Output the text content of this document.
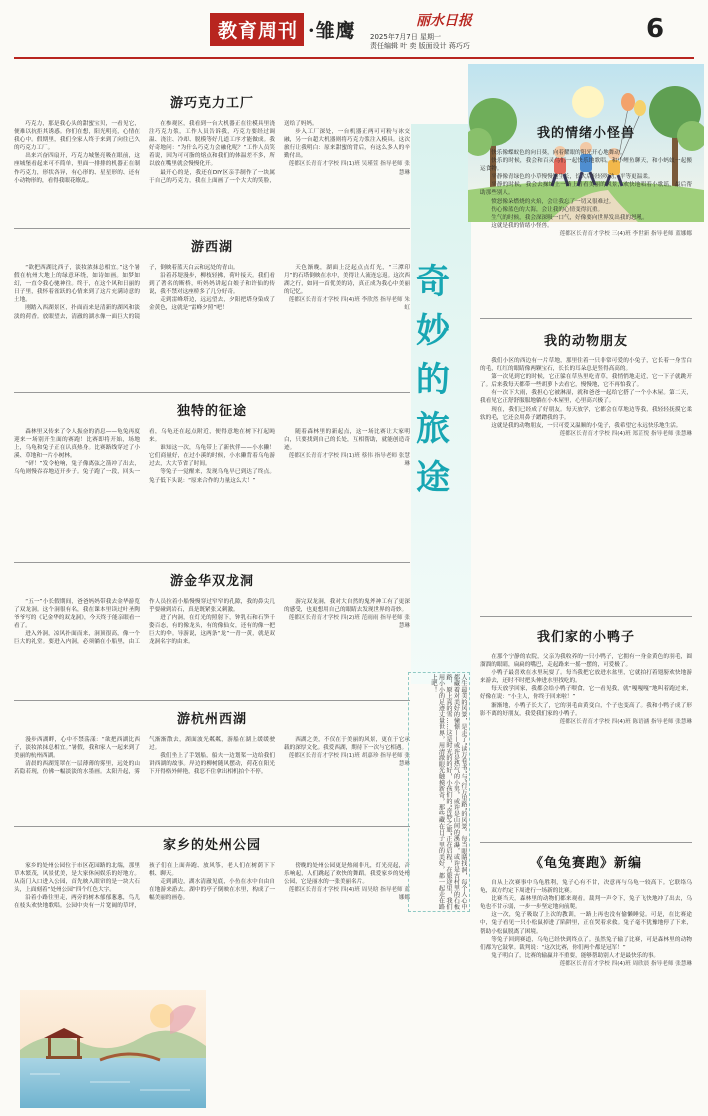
教育周刊 ·雏鹰	丽水日报
2025年7月7日 星期一
责任编辑 叶 奕 版面设计 蒋巧巧
6
游巧克力工厂

巧克力，那是我心头的甜蜜宝贝，一看见它，便难以抗拒其诱惑。你们在想，阳光明亮，心情在我心中。假期里，我们全家人终于来到了向往已久的巧克力工厂。

出来兴奋四扇开，巧克力城堡亮吸在眼前，这座城堡看起来可不简单，里面一排排的机器正在制作巧克力，形状各异，有心形的、星星形的、还有小动物形的，看得我眼花缭乱。

在参观区，我看到一台大机器正在往模具里浇注巧克力浆，工作人员告诉我，巧克力要经过调温、浇注、冷却、脱模等好几道工序才能做成。我好奇地问：“为什么巧克力会融化呢？”工作人员笑着说，因为可可脂的熔点和我们的体温差不多，所以放在嘴里就会慢慢化开。

最开心的是，我还在DIY区亲手制作了一块属于自己的巧克力，我在上面画了一个大大的笑脸，送给了妈妈。

步入工厂深处，一台机器正两可可粉与冰交融，另一台超大机器则将巧克力浆注入模具。这次旅行让我明白：原来甜蜜的背后，有这么多人的辛勤付出。

莲都区长青育才学校 四(1)班 吴瑾萱 指导老师 张慧琳
游西湖

“欲把西湖比西子，淡妆浓抹总相宜。”这个暑假在杭州大地上的绿意环绕，如诗如画。如梦如幻，一直令我心驰神往。终于，在这个风和日丽的日子里，我怀着雀跃的心情来到了这片充满诗意的土地。

刚踏入西湖景区，扑面而来是清新的湖风和淡淡的荷香。放眼望去，清澈的湖水像一面巨大的镜子，倒映着蓝天白云和远处的青山。

沿着苏堤漫步，柳枝轻拂，荷叶接天。我们看到了著名的断桥，听妈妈讲起白娘子和许仙的传说，我不禁对这座桥多了几分好奇。

走到雷峰塔边，远远望去，夕阳把塔身染成了金黄色，这就是“雷峰夕照”吧！

天色渐晚，湖面上泛起点点灯光，“三潭印月”的石塔倒映在水中，美得让人流连忘返。这次西湖之行，如同一首优美的诗，真正成为我心中美丽的记忆。

莲都区长青育才学校 四(4)班 李欣然 指导老师 朱 虹
独特的征途

森林里又传来了令人振奋的消息——龟兔再度迎来一场别开生面的赛跑！比赛即将开始，场地上，乌龟和兔子正在认真热身。比赛路线穿过了小溪、草地和一片小树林。

“砰！”发令枪响，兔子像离弦之箭冲了出去，乌龟则慢吞吞地迈开步子。兔子跑了一段，回头一看，乌龟还在起点附近，便得意地在树下打起盹来。

谁知这一次，乌龟带上了新伙伴——小水獭！它们商量好，在过小溪的时候，小水獭背着乌龟游过去，大大节省了时间。

等兔子一觉醒来，发现乌龟早已到达了终点。兔子低下头说：“原来合作的力量这么大！”

随着森林里的新起点，这一场比赛让大家明白，只要找到自己的长处，互相帮助，就能创造奇迹。

莲都区长青育才学校 四(1)班 蔡伟 指导老师 张慧琳
游金华双龙洞

“五一”小长假期间，爸爸妈妈带我去金华游览了双龙洞。这个洞很有名，我在课本里读过叶圣陶爷爷写的《记金华的双龙洞》，今天终于能亲眼看一看了。

进入外洞，凉风扑面而来，洞顶很高，像一个巨大的礼堂。要进入内洞，必须躺在小船里，由工作人员拉着小船慢慢穿过窄窄的孔隙，我的鼻尖几乎要碰到岩石，真是既紧张又刺激。

进了内洞，在灯光的照射下，钟乳石和石笋千姿百态，有的像龙头，有的像仙女，还有的像一把巨大的伞。导游说，这两条“龙”一青一黄，就是双龙洞名字的由来。

游完双龙洞，我对大自然的鬼斧神工有了更深的感受，也更想用自己的眼睛去发现世界的奇妙。

莲都区长青育才学校 四(2)班 范雨雨 指导老师 张慧琳
游杭州西湖

漫步西湖畔，心中不禁荡漾：“欲把西湖比西子，淡妆浓抹总相宜。”暑假，我和家人一起来到了美丽的杭州西湖。

清晨的西湖笼罩在一层薄薄的雾里，远处的山若隐若现，仿佛一幅淡淡的水墨画。太阳升起，雾气渐渐散去，湖面波光粼粼，游船在湖上缓缓驶过。

我们坐上了手划船，船夫一边划桨一边给我们讲西湖的故事。岸边的柳树随风摆动，荷花在阳光下开得格外鲜艳，我忍不住拿出相机拍个不停。

西湖之美，不仅在于美丽的风景，更在于它承载的深厚文化。我爱西湖，期待下一次与它相遇。

莲都区长青育才学校 四(1)班 胡嘉珍 指导老师 张慧琳
家乡的处州公园

家乡的处州公园位于市区花园路的北端，那里草木繁茂，风景优美，是大家休闲娱乐的好地方。从南门入口进入公园，首先映入眼帘的是一块大石头，上面刻着“处州公园”四个红色大字。

沿着小路往里走，两旁的树木郁郁葱葱，鸟儿在枝头欢快地歌唱。公园中央有一片宽阔的草坪，孩子们在上面奔跑、放风筝，老人们在树荫下下棋、聊天。

走到湖边，湖水清澈见底，小鱼在水中自由自在地游来游去。湖中的亭子倒映在水里，构成了一幅美丽的画卷。

傍晚的处州公园更是热闹非凡，灯光亮起，音乐响起，人们跳起了欢快的舞蹈。我爱家乡的处州公园，它是丽水的一张美丽名片。

莲都区长青育才学校 四(4)班 周昊晗 指导老师 蓝娜娜
奇
妙
的
旅
途
人生最美的风景，是走了“读万卷书”与“行万里路”的风景。每当眼睛找洞，每个人心中都藏着对美好的憧憬——或许是热气的小男，或许是山间的溪瀑，或许是古村里的石板路，原上真的雪……这是时光的的好，小孩们的“奇妙之旅”正在启程，在旅途里，我们用小小的足迹丈量世界，用清澈眼光触摸新奇，那些藏在日子里的美好，都一起走在路上吧！
我的情绪小怪兽

快乐像蝶蚁色的向日葵，向着耀眼的阳光开心地舞动。

快乐的时候，我会和百灵鸟们一起快乐地歌唱，和小鲤鱼聊天，和小蚂蚁一起搬运食物。

平静像青绿色的小草慢慢地生长，长大后轻轻吹动，平等更温柔。

平静的时候，我会去操场上一路上看看美丽的风景，欢快地唱着小歌谣，最后帮助那些别人。

愤怒像朵燃烧的火焰，会让我忘了一切又很难过。

伤心像蓝色的大海，会让我的心情变得沉重。

生气的时候，我会深深吸一口气，好像要向世界发出我的怒吼。

这就是我的情绪小怪兽。

莲都区长青育才学校 三(4)班 李世新 指导老师 蓝娜娜
我的动物朋友

我们小区的西边有一片草地，那里住着一只非常可爱的小兔子，它长着一身雪白的毛，红红的眼睛像两颗宝石，长长的耳朵总是竖得高高的。

第一次见到它的时候，它正躲在草丛里吃青草，我悄悄地走近，它一下子就跳开了。后来我每天都带一些胡萝卜去看它，慢慢地，它不再怕我了。

有一次下大雨，我担心它被淋湿，就和爸爸一起给它搭了一个小木屋。第二天，我看见它正舒舒服服地躺在小木屋里，心里高兴极了。

现在，我们已经成了好朋友。每天放学，它都会在草地边等我，我轻轻抚摸它柔软的毛，它还会用鼻子蹭蹭我的手。

这就是我的动物朋友，一只可爱又温顺的小兔子，我希望它永远快乐地生活。

莲都区长青育才学校 四(4)班 郑芷悦 指导老师 张慧琳
我们家的小鸭子

在那个宁静的农院，父亲为我收养的一只小鸭子，它拥有一身金黄色的羽毛，圆溜溜的眼睛，扁扁的嘴巴，走起路来一摇一摆的，可爱极了。

小鸭子最喜欢在水里玩耍了。每当我把它放进水盆里，它就拍打着翅膀欢快地游来游去，还时不时把头伸进水里找吃的。

每天放学回家，我都会给小鸭子喂食，它一看见我，就“嘎嘎嘎”地叫着跑过来，好像在说：“小主人，你终于回来啦！”

渐渐地，小鸭子长大了，它的羽毛由黄变白，个子也变高了。我和小鸭子成了形影不离的好朋友，我爱我们家的小鸭子。

莲都区长青育才学校 四(4)班 陈语涵 指导老师 张慧琳
《龟兔赛跑》新编

自从上次赛事中乌龟胜利，兔子心有不甘，决意再与乌龟一较高下。它联络乌龟，双方约定下周进行一场新的比赛。

比赛当天，森林里的动物们都来观看。裁判一声令下，兔子飞快地冲了出去，乌龟也不甘示弱，一步一步坚定地向前爬。

这一次，兔子吸取了上次的教训，一路上再也没有偷懒睡觉。可是，在比赛途中，兔子看见一只小松鼠掉进了陷阱里，正在哭着求救。兔子毫不犹豫地停了下来，帮助小松鼠脱离了困境。

等兔子回到赛道，乌龟已经快到终点了。虽然兔子输了比赛，可是森林里的动物们都为它鼓掌。裁判说：“这次比赛，你们两个都是冠军！”

兔子明白了，比赛的输赢并不重要，能够帮助别人才是最快乐的事。

莲都区长青育才学校 四(4)班 周欣晨 指导老师 张慧琳
